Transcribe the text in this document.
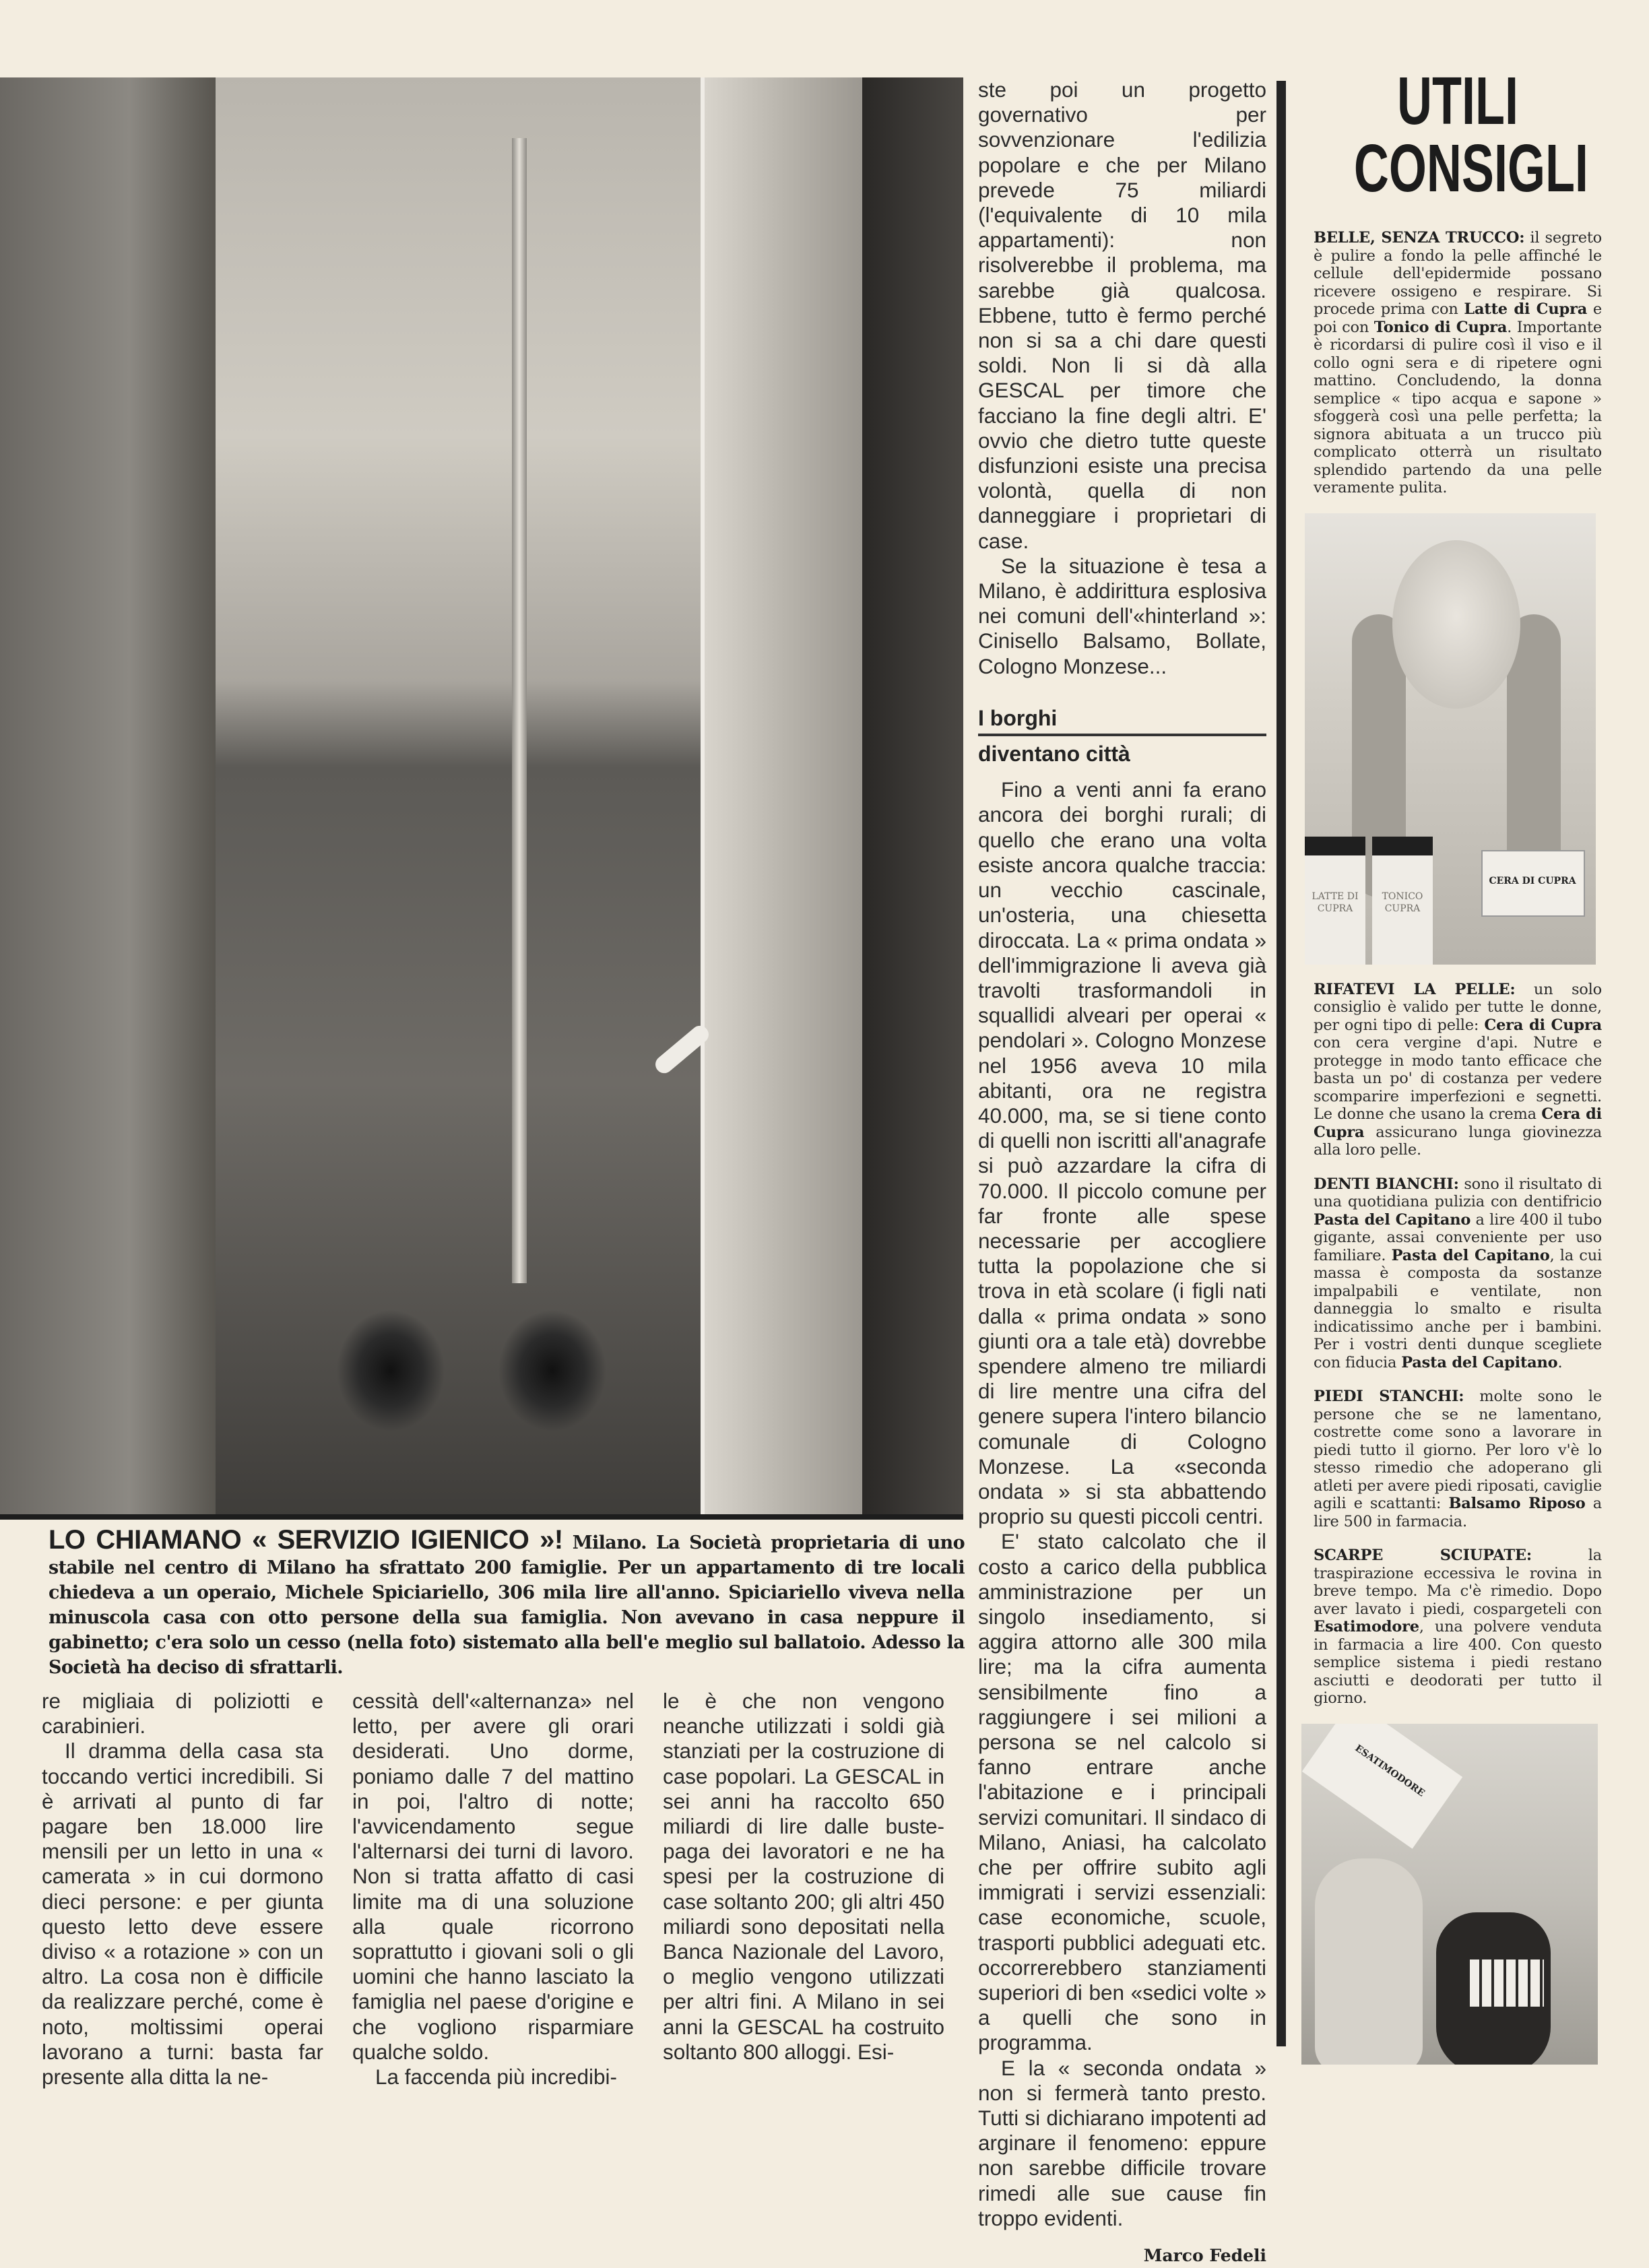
LO CHIAMANO « SERVIZIO IGIENICO »! Milano. La Società proprietaria di uno stabile nel centro di Milano ha sfrattato 200 famiglie. Per un appartamento di tre locali chiedeva a un operaio, Michele Spiciariello, 306 mila lire all'anno. Spiciariello viveva nella minuscola casa con otto persone della sua famiglia. Non avevano in casa neppure il gabinetto; c'era solo un cesso (nella foto) sistemato alla bell'e meglio sul ballatoio. Adesso la Società ha deciso di sfrattarli.

re migliaia di poliziotti e carabinieri.

Il dramma della casa sta toccando vertici incredibili. Si è arrivati al punto di far pagare ben 18.000 lire mensili per un letto in una « camerata » in cui dormono dieci persone: e per giunta questo letto deve essere diviso « a rotazione » con un altro. La cosa non è difficile da realizzare perché, come è noto, moltissimi operai lavorano a turni: basta far presente alla ditta la ne-

cessità dell'«alternanza» nel letto, per avere gli orari desiderati. Uno dorme, poniamo dalle 7 del mattino in poi, l'altro di notte; l'avvicendamento segue l'alternarsi dei turni di lavoro. Non si tratta affatto di casi limite ma di una soluzione alla quale ricorrono soprattutto i giovani soli o gli uomini che hanno lasciato la famiglia nel paese d'origine e che vogliono risparmiare qualche soldo.

La faccenda più incredibi-

le è che non vengono neanche utilizzati i soldi già stanziati per la costruzione di case popolari. La GESCAL in sei anni ha raccolto 650 miliardi di lire dalle buste-paga dei lavoratori e ne ha spesi per la costruzione di case soltanto 200; gli altri 450 miliardi sono depositati nella Banca Nazionale del Lavoro, o meglio vengono utilizzati per altri fini. A Milano in sei anni la GESCAL ha costruito soltanto 800 alloggi. Esi-

ste poi un progetto governativo per sovvenzionare l'edilizia popolare e che per Milano prevede 75 miliardi (l'equivalente di 10 mila appartamenti): non risolverebbe il problema, ma sarebbe già qualcosa. Ebbene, tutto è fermo perché non si sa a chi dare questi soldi. Non li si dà alla GESCAL per timore che facciano la fine degli altri. E' ovvio che dietro tutte queste disfunzioni esiste una precisa volontà, quella di non danneggiare i proprietari di case.

Se la situazione è tesa a Milano, è addirittura esplosiva nei comuni dell'«hinterland »: Cinisello Balsamo, Bollate, Cologno Monzese...

I borghi
diventano città

Fino a venti anni fa erano ancora dei borghi rurali; di quello che erano una volta esiste ancora qualche traccia: un vecchio cascinale, un'osteria, una chiesetta diroccata. La « prima ondata » dell'immigrazione li aveva già travolti trasformandoli in squallidi alveari per operai « pendolari ». Cologno Monzese nel 1956 aveva 10 mila abitanti, ora ne registra 40.000, ma, se si tiene conto di quelli non iscritti all'anagrafe si può azzardare la cifra di 70.000. Il piccolo comune per far fronte alle spese necessarie per accogliere tutta la popolazione che si trova in età scolare (i figli nati dalla « prima ondata » sono giunti ora a tale età) dovrebbe spendere almeno tre miliardi di lire mentre una cifra del genere supera l'intero bilancio comunale di Cologno Monzese. La «seconda ondata » si sta abbattendo proprio su questi piccoli centri.

E' stato calcolato che il costo a carico della pubblica amministrazione per un singolo insediamento, si aggira attorno alle 300 mila lire; ma la cifra aumenta sensibilmente fino a raggiungere i sei milioni a persona se nel calcolo si fanno entrare anche l'abitazione e i principali servizi comunitari. Il sindaco di Milano, Aniasi, ha calcolato che per offrire subito agli immigrati i servizi essenziali: case economiche, scuole, trasporti pubblici adeguati etc. occorrerebbero stanziamenti superiori di ben «sedici volte » a quelli che sono in programma.

E la « seconda ondata » non si fermerà tanto presto. Tutti si dichiarano impotenti ad arginare il fenomeno: eppure non sarebbe difficile trovare rimedi alle sue cause fin troppo evidenti.

Marco Fedeli
UTILI
CONSIGLI
BELLE, SENZA TRUCCO: il segreto è pulire a fondo la pelle affinché le cellule dell'epidermide possano ricevere ossigeno e respirare. Si procede prima con Latte di Cupra e poi con Tonico di Cupra. Importante è ricordarsi di pulire così il viso e il collo ogni sera e di ripetere ogni mattino. Concludendo, la donna semplice « tipo acqua e sapone » sfoggerà così una pelle perfetta; la signora abituata a un trucco più complicato otterrà un risultato splendido partendo da una pelle veramente pulita.
LATTE DI CUPRA
TONICO CUPRA
CERA DI CUPRA
RIFATEVI LA PELLE: un solo consiglio è valido per tutte le donne, per ogni tipo di pelle: Cera di Cupra con cera vergine d'api. Nutre e protegge in modo tanto efficace che basta un po' di costanza per vedere scomparire imperfezioni e segnetti. Le donne che usano la crema Cera di Cupra assicurano lunga giovinezza alla loro pelle.
DENTI BIANCHI: sono il risultato di una quotidiana pulizia con dentifricio Pasta del Capitano a lire 400 il tubo gigante, assai conveniente per uso familiare. Pasta del Capitano, la cui massa è composta da sostanze impalpabili e ventilate, non danneggia lo smalto e risulta indicatissimo anche per i bambini. Per i vostri denti dunque scegliete con fiducia Pasta del Capitano.
PIEDI STANCHI: molte sono le persone che se ne lamentano, costrette come sono a lavorare in piedi tutto il giorno. Per loro v'è lo stesso rimedio che adoperano gli atleti per avere piedi riposati, caviglie agili e scattanti: Balsamo Riposo a lire 500 in farmacia.
SCARPE SCIUPATE: la traspirazione eccessiva le rovina in breve tempo. Ma c'è rimedio. Dopo aver lavato i piedi, cospargeteli con Esatimodore, una polvere venduta in farmacia a lire 400. Con questo semplice sistema i piedi restano asciutti e deodorati per tutto il giorno.
ESATIMODORE
